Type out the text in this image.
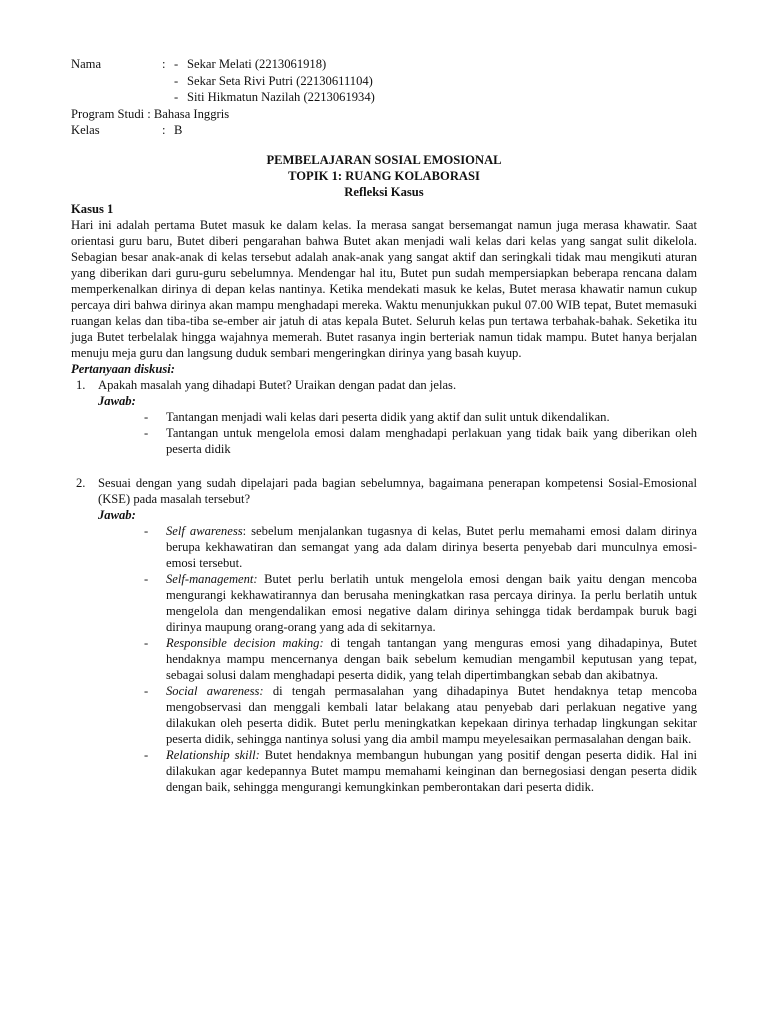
Nama	: - Sekar Melati (2213061918)
- Sekar Seta Rivi Putri (22130611104)
- Siti Hikmatun Nazilah (2213061934)
Program Studi : Bahasa Inggris
Kelas	: B
PEMBELAJARAN SOSIAL EMOSIONAL
TOPIK 1: RUANG KOLABORASI
Refleksi Kasus
Kasus 1
Hari ini adalah pertama Butet masuk ke dalam kelas. Ia merasa sangat bersemangat namun juga merasa khawatir. Saat orientasi guru baru, Butet diberi pengarahan bahwa Butet akan menjadi wali kelas dari kelas yang sangat sulit dikelola. Sebagian besar anak-anak di kelas tersebut adalah anak-anak yang sangat aktif dan seringkali tidak mau mengikuti aturan yang diberikan dari guru-guru sebelumnya. Mendengar hal itu, Butet pun sudah mempersiapkan beberapa rencana dalam memperkenalkan dirinya di depan kelas nantinya. Ketika mendekati masuk ke kelas, Butet merasa khawatir namun cukup percaya diri bahwa dirinya akan mampu menghadapi mereka. Waktu menunjukkan pukul 07.00 WIB tepat, Butet memasuki ruangan kelas dan tiba-tiba se-ember air jatuh di atas kepala Butet. Seluruh kelas pun tertawa terbahak-bahak. Seketika itu juga Butet terbelalak hingga wajahnya memerah. Butet rasanya ingin berteriak namun tidak mampu. Butet hanya berjalan menuju meja guru dan langsung duduk sembari mengeringkan dirinya yang basah kuyup.
Pertanyaan diskusi:
1. Apakah masalah yang dihadapi Butet? Uraikan dengan padat dan jelas.
Jawab:
- Tantangan menjadi wali kelas dari peserta didik yang aktif dan sulit untuk dikendalikan.
- Tantangan untuk mengelola emosi dalam menghadapi perlakuan yang tidak baik yang diberikan oleh peserta didik
2. Sesuai dengan yang sudah dipelajari pada bagian sebelumnya, bagaimana penerapan kompetensi Sosial-Emosional (KSE) pada masalah tersebut?
Jawab:
- Self awareness: sebelum menjalankan tugasnya di kelas, Butet perlu memahami emosi dalam dirinya berupa kekhawatiran dan semangat yang ada dalam dirinya beserta penyebab dari munculnya emosi-emosi tersebut.
- Self-management: Butet perlu berlatih untuk mengelola emosi dengan baik yaitu dengan mencoba mengurangi kekhawatirannya dan berusaha meningkatkan rasa percaya dirinya. Ia perlu berlatih untuk mengelola dan mengendalikan emosi negative dalam dirinya sehingga tidak berdampak buruk bagi dirinya maupung orang-orang yang ada di sekitarnya.
- Responsible decision making: di tengah tantangan yang menguras emosi yang dihadapinya, Butet hendaknya mampu mencernanya dengan baik sebelum kemudian mengambil keputusan yang tepat, sebagai solusi dalam menghadapi peserta didik, yang telah dipertimbangkan sebab dan akibatnya.
- Social awareness: di tengah permasalahan yang dihadapinya Butet hendaknya tetap mencoba mengobservasi dan menggali kembali latar belakang atau penyebab dari perlakuan negative yang dilakukan oleh peserta didik. Butet perlu meningkatkan kepekaan dirinya terhadap lingkungan sekitar peserta didik, sehingga nantinya solusi yang dia ambil mampu meyelesaikan permasalahan dengan baik.
- Relationship skill: Butet hendaknya membangun hubungan yang positif dengan peserta didik. Hal ini dilakukan agar kedepannya Butet mampu memahami keinginan dan bernegosiasi dengan peserta didik dengan baik, sehingga mengurangi kemungkinkan pemberontakan dari peserta didik.
